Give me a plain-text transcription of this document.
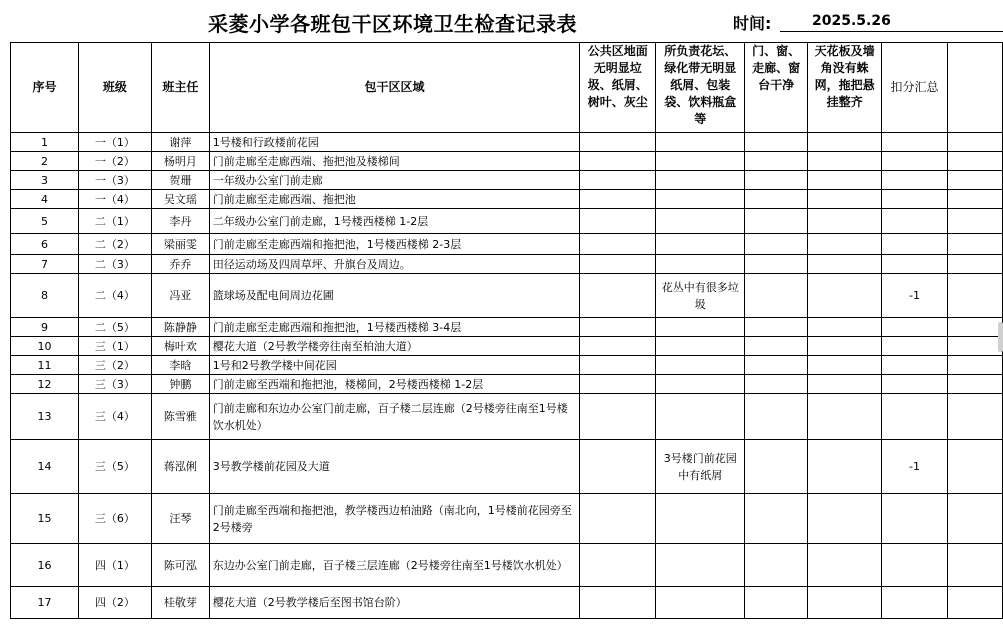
采菱小学各班包干区环境卫生检查记录表	时间:	2025.5.26
序号	班级	班主任	包干区区域	公共区地面无明显垃圾、纸屑、树叶、灰尘	所负责花坛、绿化带无明显纸屑、包装袋、饮料瓶盒等	门、窗、走廊、窗台干净	天花板及墙角没有蛛网，拖把悬挂整齐	扣分汇总	
1	一（1）	谢萍	1号楼和行政楼前花园						
2	一（2）	杨明月	门前走廊至走廊西端、拖把池及楼梯间						
3	一（3）	贺珊	一年级办公室门前走廊						
4	一（4）	吴文瑶	门前走廊至走廊西端、拖把池						
5	二（1）	李丹	二年级办公室门前走廊，1号楼西楼梯 1-2层						
6	二（2）	梁丽雯	门前走廊至走廊西端和拖把池，1号楼西楼梯 2-3层						
7	二（3）	乔乔	田径运动场及四周草坪、升旗台及周边。						
8	二（4）	冯亚	篮球场及配电间周边花圃		花丛中有很多垃圾			-1	
9	二（5）	陈静静	门前走廊至走廊西端和拖把池，1号楼西楼梯 3-4层						
10	三（1）	梅叶欢	樱花大道（2号教学楼旁往南至柏油大道）						
11	三（2）	李晗	1号和2号教学楼中间花园						
12	三（3）	钟鹏	门前走廊至西端和拖把池，楼梯间，2号楼西楼梯 1-2层						
13	三（4）	陈雪雅	门前走廊和东边办公室门前走廊，百子楼二层连廊（2号楼旁往南至1号楼饮水机处）						
14	三（5）	蒋泓俐	3号教学楼前花园及大道		3号楼门前花园中有纸屑			-1	
15	三（6）	汪琴	门前走廊至西端和拖把池，教学楼西边柏油路（南北向，1号楼前花园旁至2号楼旁						
16	四（1）	陈可泓	东边办公室门前走廊，百子楼三层连廊（2号楼旁往南至1号楼饮水机处）						
17	四（2）	桂敬芽	樱花大道（2号教学楼后至图书馆台阶）						
